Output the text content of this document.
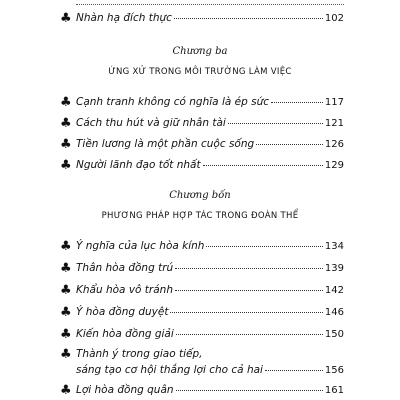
♣ Nhàn hạ đích thực	102
Chương ba
ỨNG XỬ TRONG MÔI TRƯỜNG LÀM VIỆC
♣ Cạnh tranh không có nghĩa là ép sức	117
♣ Cách thu hút và giữ nhân tài	121
♣ Tiền lương là một phần cuộc sống	126
♣ Người lãnh đạo tốt nhất	129
Chương bốn
PHƯƠNG PHÁP HỢP TÁC TRONG ĐOÀN THỂ
♣ Ý nghĩa của lục hòa kính	134
♣ Thân hòa đồng trú	139
♣ Khẩu hòa vô tránh	142
♣ Ý hòa đồng duyệt	146
♣ Kiến hòa đồng giải	150
♣ Thành ý trong giao tiếp,
sáng tạo cơ hội thắng lợi cho cả hai	156
♣ Lợi hòa đồng quân	161
